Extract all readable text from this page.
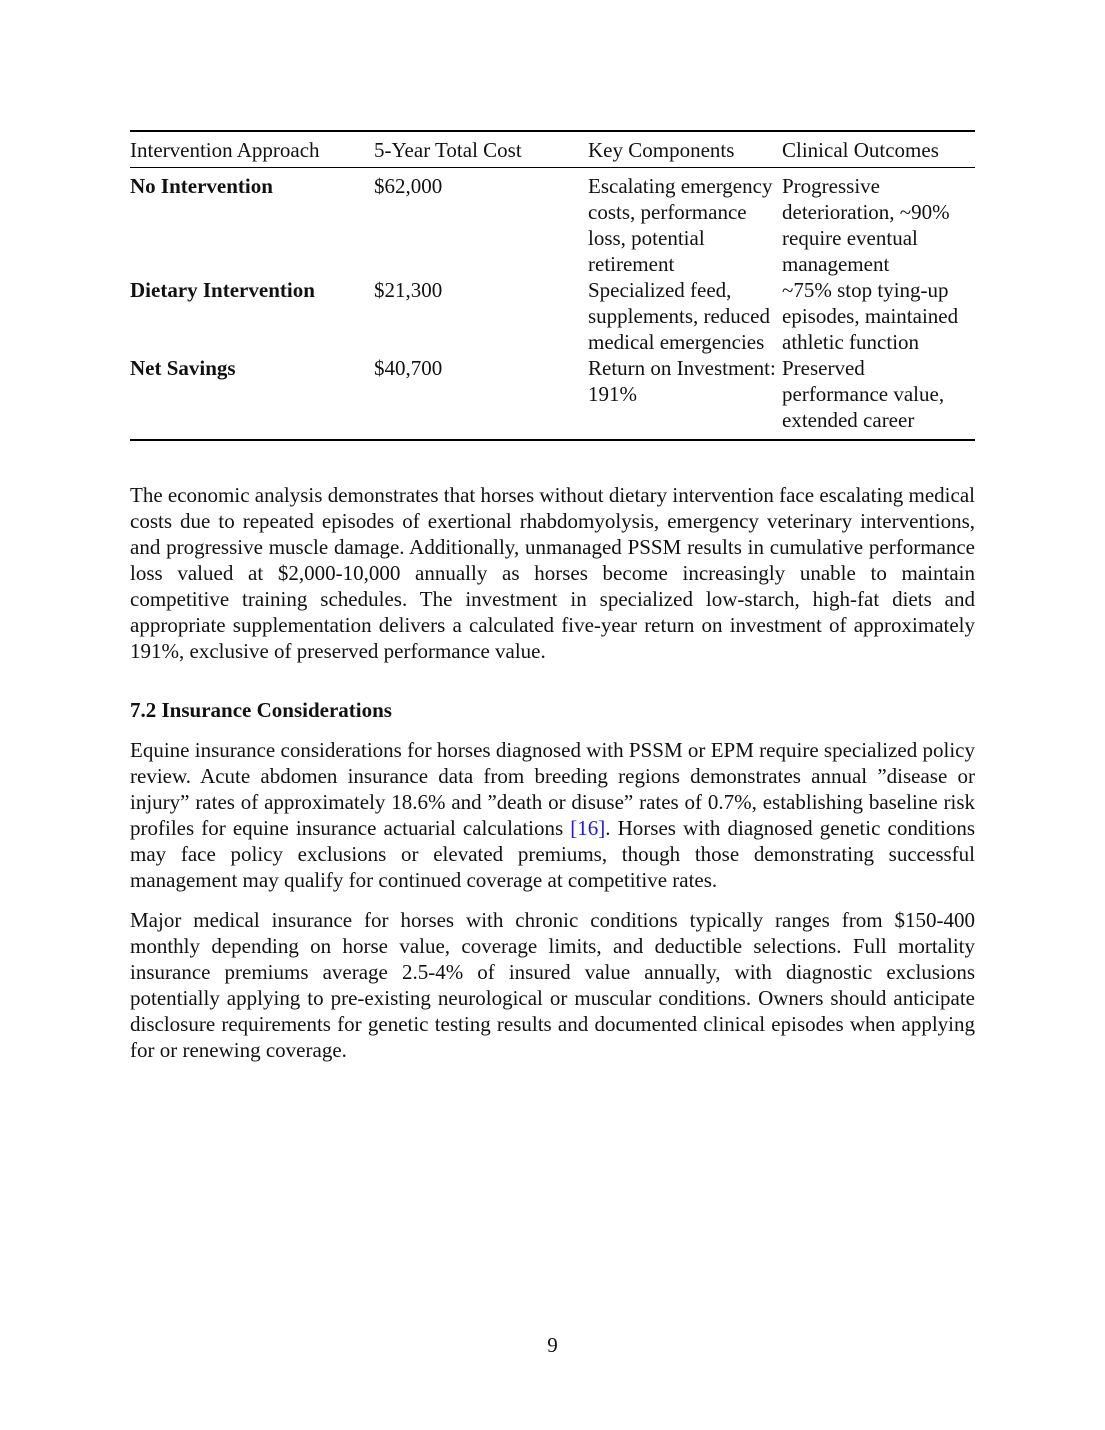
Intervention Approach	5-Year Total Cost	Key Components	Clinical Outcomes
No Intervention	$62,000	Escalating emergency costs, performance loss, potential retirement	Progressive deterioration, ~90% require eventual management

Dietary Intervention	$21,300	Specialized feed, supplements, reduced medical emergencies	~75% stop tying-up episodes, maintained athletic function

Net Savings	$40,700	Return on Investment: 191%	Preserved performance value, extended career

The economic analysis demonstrates that horses without dietary intervention face escalating medical costs due to repeated episodes of exertional rhabdomyolysis, emergency veterinary interventions, and progressive muscle damage. Additionally, unmanaged PSSM results in cumulative performance loss valued at $2,000-10,000 annually as horses become increasingly unable to maintain competitive training schedules. The investment in specialized low-starch, high-fat diets and appropriate supplementation delivers a calculated five-year return on investment of approximately 191%, exclusive of preserved performance value.

7.2 Insurance Considerations

Equine insurance considerations for horses diagnosed with PSSM or EPM require specialized policy review. Acute abdomen insurance data from breeding regions demonstrates annual ”disease or injury” rates of approximately 18.6% and ”death or disuse” rates of 0.7%, establishing baseline risk profiles for equine insurance actuarial calculations [16]. Horses with diagnosed genetic conditions may face policy exclusions or elevated premiums, though those demonstrating successful management may qualify for continued coverage at competitive rates.

Major medical insurance for horses with chronic conditions typically ranges from $150-400 monthly depending on horse value, coverage limits, and deductible selections. Full mortality insurance premiums average 2.5-4% of insured value annually, with diagnostic exclusions potentially applying to pre-existing neurological or muscular conditions. Owners should anticipate disclosure requirements for genetic testing results and documented clinical episodes when applying for or renewing coverage.

9
